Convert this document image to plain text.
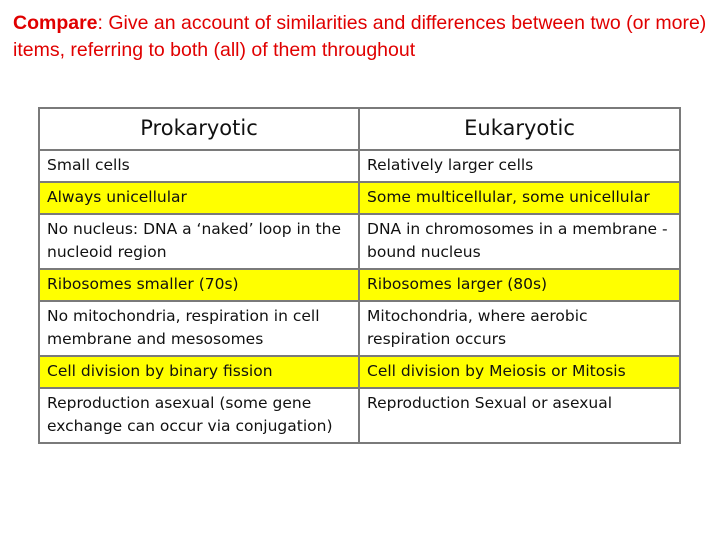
Compare: Give an account of similarities and differences between two (or more) items, referring to both (all) of them throughout

Prokaryotic	Eukaryotic
Small cells	Relatively larger cells
Always unicellular	Some multicellular, some unicellular
No nucleus: DNA a ‘naked’ loop in the nucleoid region	DNA in chromosomes in a membrane -bound nucleus
Ribosomes smaller (70s)	Ribosomes larger (80s)
No mitochondria, respiration in cell membrane and mesosomes	Mitochondria, where aerobic respiration occurs
Cell division by binary fission	Cell division by Meiosis or Mitosis
Reproduction asexual (some gene exchange can occur via conjugation)	Reproduction Sexual or asexual
